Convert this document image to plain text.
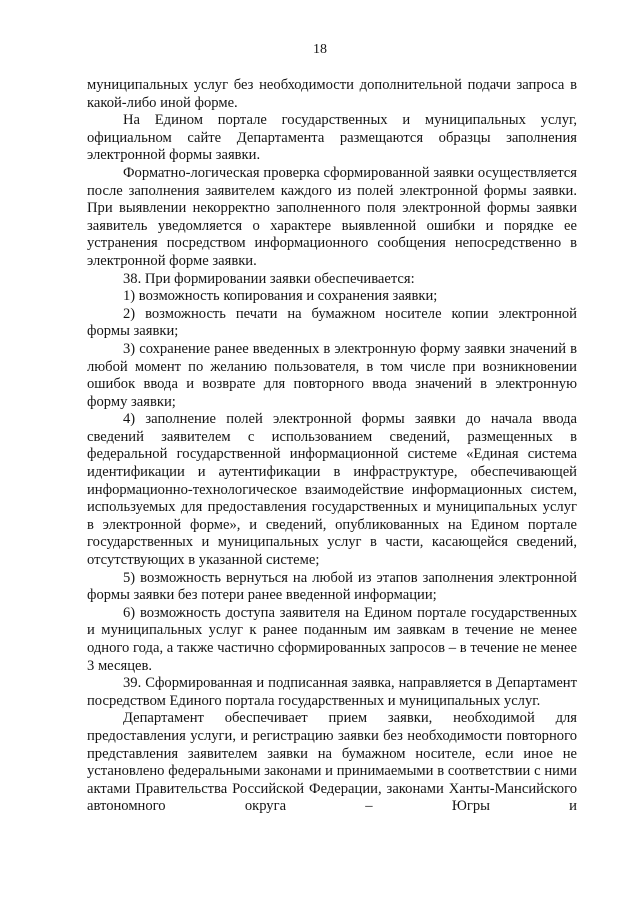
18

муниципальных услуг без необходимости дополнительной подачи запроса в какой-либо иной форме.

На Едином портале государственных и муниципальных услуг, официальном сайте Департамента размещаются образцы заполнения электронной формы заявки.

Форматно-логическая проверка сформированной заявки осуществляется после заполнения заявителем каждого из полей электронной формы заявки. При выявлении некорректно заполненного поля электронной формы заявки заявитель уведомляется о характере выявленной ошибки и порядке ее устранения посредством информационного сообщения непосредственно в электронной форме заявки.

38. При формировании заявки обеспечивается:

1) возможность копирования и сохранения заявки;

2) возможность печати на бумажном носителе копии электронной формы заявки;

3) сохранение ранее введенных в электронную форму заявки значений в любой момент по желанию пользователя, в том числе при возникновении ошибок ввода и возврате для повторного ввода значений в электронную форму заявки;

4) заполнение полей электронной формы заявки до начала ввода сведений заявителем с использованием сведений, размещенных в федеральной государственной информационной системе «Единая система идентификации и аутентификации в инфраструктуре, обеспечивающей информационно-технологическое взаимодействие информационных систем, используемых для предоставления государственных и муниципальных услуг в электронной форме», и сведений, опубликованных на Едином портале государственных и муниципальных услуг в части, касающейся сведений, отсутствующих в указанной системе;

5) возможность вернуться на любой из этапов заполнения электронной формы заявки без потери ранее введенной информации;

6) возможность доступа заявителя на Едином портале государственных и муниципальных услуг к ранее поданным им заявкам в течение не менее одного года, а также частично сформированных запросов – в течение не менее 3 месяцев.

39. Сформированная и подписанная заявка, направляется в Департамент посредством Единого портала государственных и муниципальных услуг.

Департамент обеспечивает прием заявки, необходимой для предоставления услуги, и регистрацию заявки без необходимости повторного представления заявителем заявки на бумажном носителе, если иное не установлено федеральными законами и принимаемыми в соответствии с ними актами Правительства Российской Федерации, законами Ханты-Мансийского автономного округа – Югры и
